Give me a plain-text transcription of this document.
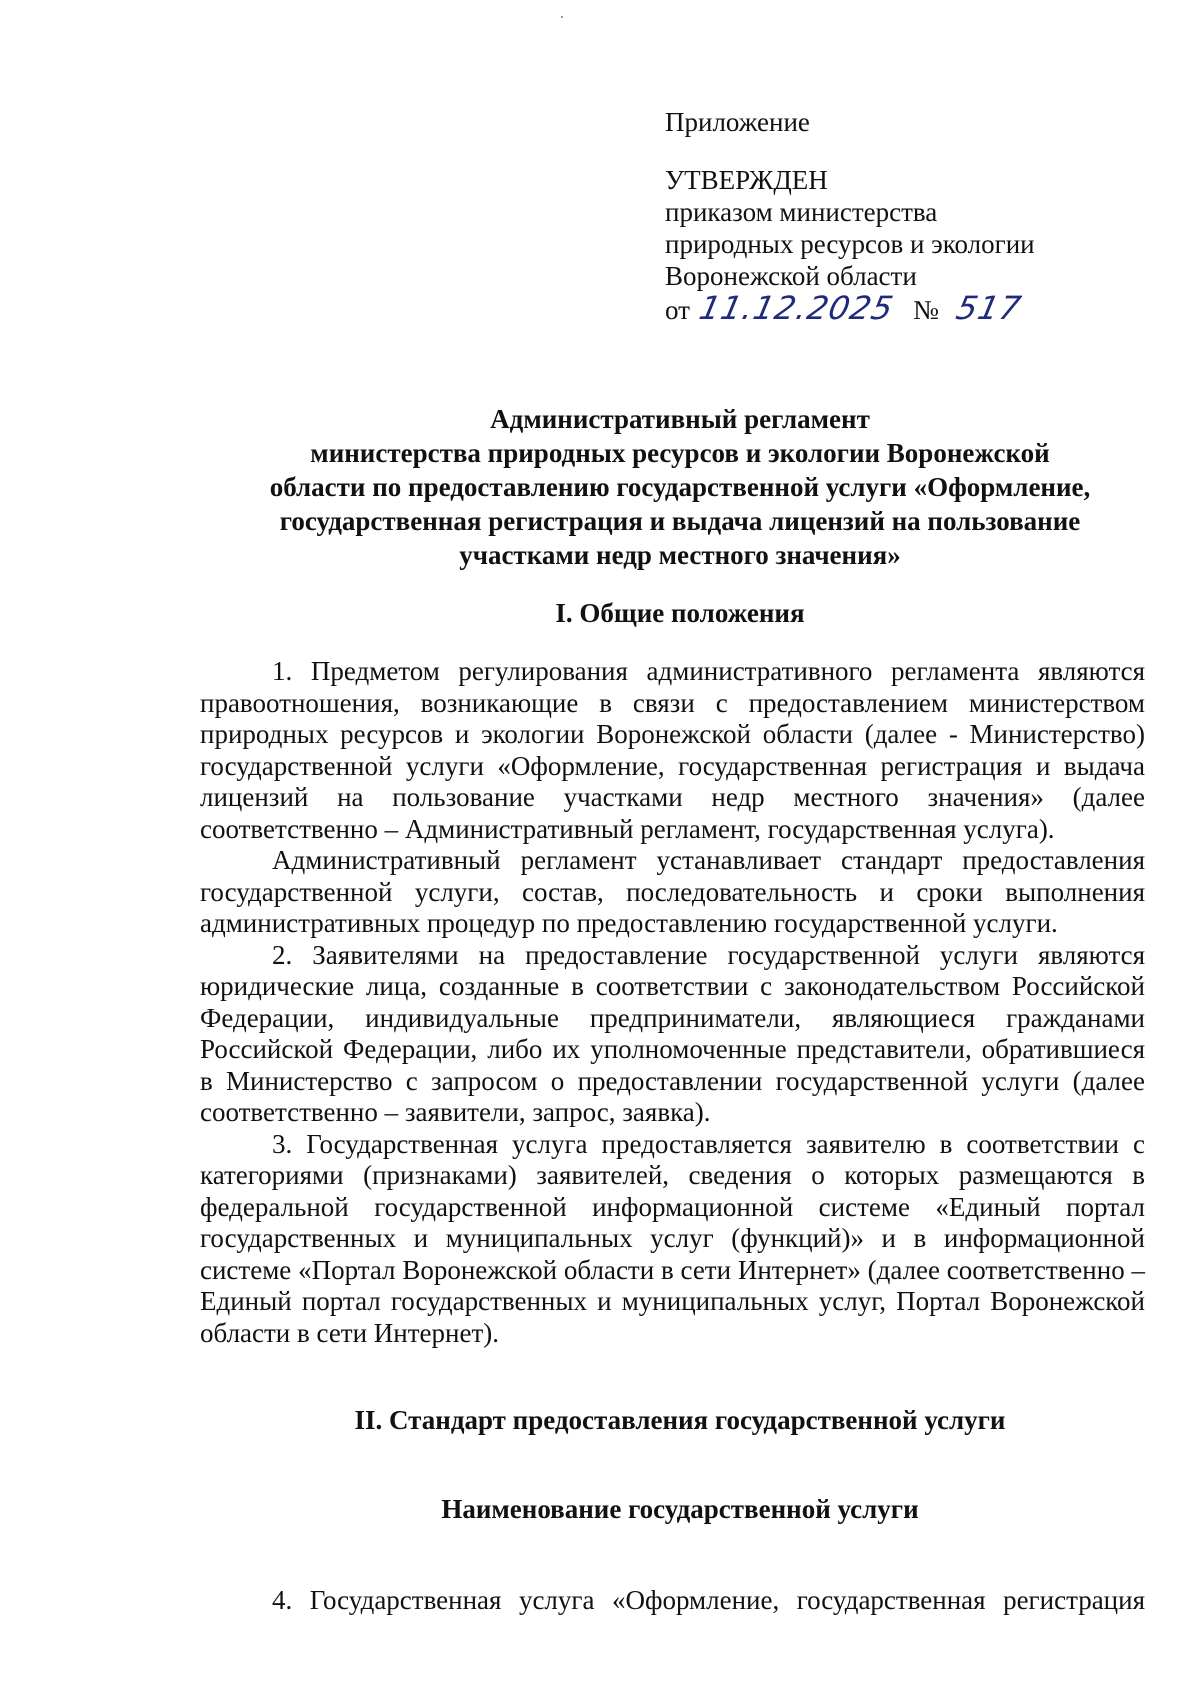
Приложение
УТВЕРЖДЕН
приказом министерства
природных ресурсов и экологии
Воронежской области
от 11.12.2025 № 517
Административный регламент
министерства природных ресурсов и экологии Воронежской
области по предоставлению государственной услуги «Оформление,
государственная регистрация и выдача лицензий на пользование
участками недр местного значения»
I. Общие положения

1. Предметом регулирования административного регламента являются правоотношения, возникающие в связи с предоставлением министерством природных ресурсов и экологии Воронежской области (далее - Министерство) государственной услуги «Оформление, государственная регистрация и выдача лицензий на пользование участками недр местного значения» (далее соответственно – Административный регламент, государственная услуга).

Административный регламент устанавливает стандарт предоставления государственной услуги, состав, последовательность и сроки выполнения административных процедур по предоставлению государственной услуги.

2. Заявителями на предоставление государственной услуги являются юридические лица, созданные в соответствии с законодательством Российской Федерации, индивидуальные предприниматели, являющиеся гражданами Российской Федерации, либо их уполномоченные представители, обратившиеся в Министерство с запросом о предоставлении государственной услуги (далее соответственно – заявители, запрос, заявка).

3. Государственная услуга предоставляется заявителю в соответствии с категориями (признаками) заявителей, сведения о которых размещаются в федеральной государственной информационной системе «Единый портал государственных и муниципальных услуг (функций)» и в информационной системе «Портал Воронежской области в сети Интернет» (далее соответственно – Единый портал государственных и муниципальных услуг, Портал Воронежской области в сети Интернет).

II. Стандарт предоставления государственной услуги
Наименование государственной услуги
4. Государственная услуга «Оформление, государственная регистрация
